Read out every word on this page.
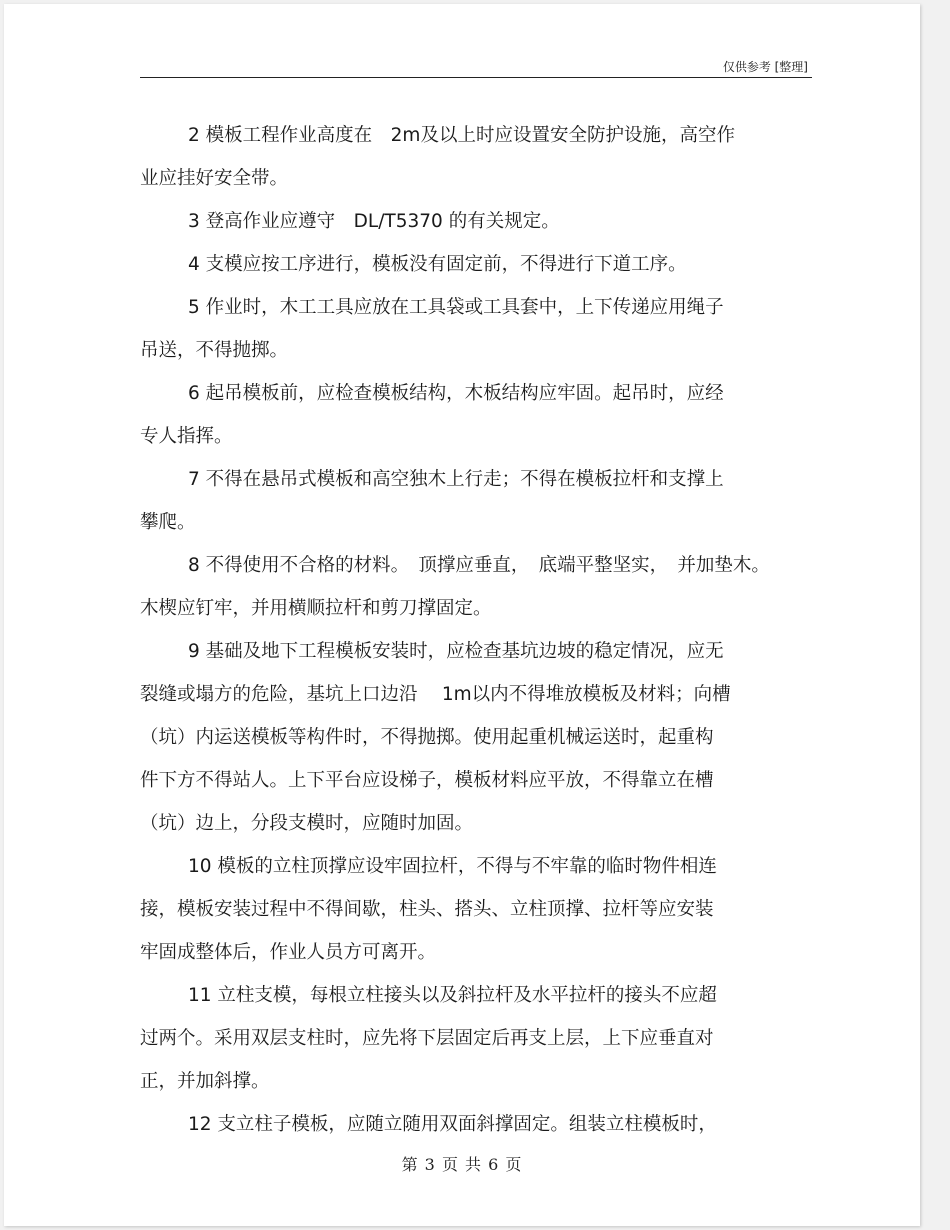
仅供参考 [整理]

2 模板工程作业高度在　2m及以上时应设置安全防护设施，高空作
业应挂好安全带。

3 登高作业应遵守　DL/T5370 的有关规定。

4 支模应按工序进行，模板没有固定前，不得进行下道工序。

5 作业时，木工工具应放在工具袋或工具套中，上下传递应用绳子
吊送，不得抛掷。

6 起吊模板前，应检查模板结构，木板结构应牢固。起吊时，应经
专人指挥。

7 不得在悬吊式模板和高空独木上行走；不得在模板拉杆和支撑上
攀爬。

8 不得使用不合格的材料。　顶撑应垂直，　底端平整坚实，　并加垫木。
木楔应钉牢，并用横顺拉杆和剪刀撑固定。

9 基础及地下工程模板安装时，应检查基坑边坡的稳定情况，应无
裂缝或塌方的危险，基坑上口边沿　 1m以内不得堆放模板及材料；向槽
（坑）内运送模板等构件时，不得抛掷。使用起重机械运送时，起重构
件下方不得站人。上下平台应设梯子，模板材料应平放，不得靠立在槽
（坑）边上，分段支模时，应随时加固。

10 模板的立柱顶撑应设牢固拉杆，不得与不牢靠的临时物件相连
接，模板安装过程中不得间歇，柱头、搭头、立柱顶撑、拉杆等应安装
牢固成整体后，作业人员方可离开。

11 立柱支模，每根立柱接头以及斜拉杆及水平拉杆的接头不应超
过两个。采用双层支柱时，应先将下层固定后再支上层，上下应垂直对
正，并加斜撑。

12 支立柱子模板，应随立随用双面斜撑固定。组装立柱模板时，

第 3 页 共 6 页
